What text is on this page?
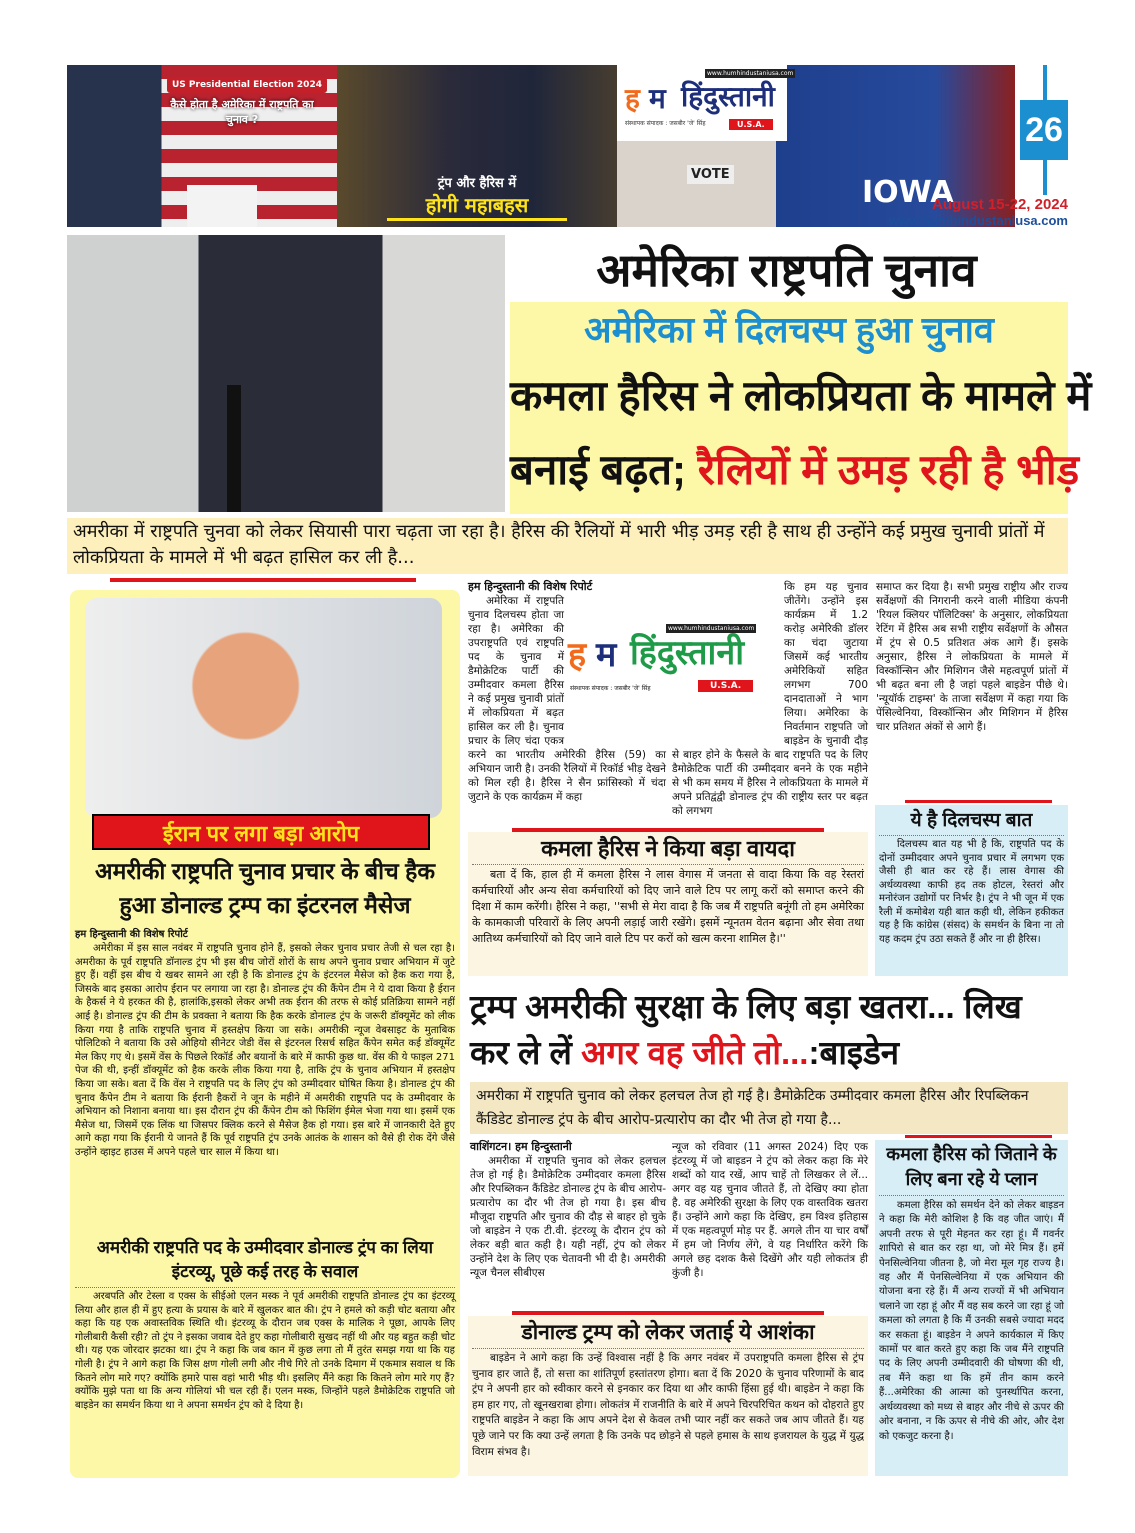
US Presidential Election 2024
कैसे होता है अमेरिका में राष्ट्रपति का चुनाव ?
ट्रंप और हैरिस में
होगी महाबहस
www.humhindustaniusa.com
ह म हिंदुस्तानी
संस्थापक संपादक : जसबीर 'जे' सिंह	U.S.A.
VOTE
IOWA
26
August 15-22, 2024
www.humhindustaniusa.com
अमेरिका राष्ट्रपति चुनाव
अमेरिका में दिलचस्प हुआ चुनाव
कमला हैरिस ने लोकप्रियता के मामले में
बनाई बढ़त; रैलियों में उमड़ रही है भीड़
अमरीका में राष्ट्रपति चुनवा को लेकर सियासी पारा चढ़ता जा रहा है। हैरिस की रैलियों में भारी भीड़ उमड़ रही है साथ ही उन्होंने कई प्रमुख चुनावी प्रांतों में लोकप्रियता के मामले में भी बढ़त हासिल कर ली है...
हम हिन्दुस्तानी की विशेष रिपोर्ट

अमेरिका में राष्ट्रपति चुनाव दिलचस्प होता जा रहा है। अमेरिका की उपराष्ट्रपति एवं राष्ट्रपति पद के चुनाव में डैमोक्रेटिक पार्टी की उम्मीदवार कमला हैरिस ने कई प्रमुख चुनावी प्रांतों में लोकप्रियता में बढ़त हासिल कर ली है। चुनाव प्रचार के लिए चंदा एकत्र करने का भारतीय अमेरिकी हैरिस (59) का अभियान जारी है। उनकी रैलियों में रिकॉर्ड भीड़ देखने को मिल रही है। हैरिस ने सैन फ्रांसिस्को में चंदा जुटाने के एक कार्यक्रम में कहा

कि हम यह चुनाव जीतेंगे। उन्होंने इस कार्यक्रम में 1.2 करोड़ अमेरिकी डॉलर का चंदा जुटाया जिसमें कई भारतीय अमेरिकियों सहित लगभग 700 दानदाताओं ने भाग लिया। अमेरिका के निवर्तमान राष्ट्रपति जो बाइडेन के चुनावी दौड़ से बाहर होने के फैसले के बाद राष्ट्रपति पद के लिए डैमोक्रेटिक पार्टी की उम्मीदवार बनने के एक महीने से भी कम समय में हैरिस ने लोकप्रियता के मामले में अपने प्रतिद्वंद्वी डोनाल्ड ट्रंप की राष्ट्रीय स्तर पर बढ़त को लगभग

www.humhindustaniusa.com
ह म हिंदुस्तानी
संस्थापक संपादक : जसबीर 'जे' सिंह	U.S.A.

समाप्त कर दिया है। सभी प्रमुख राष्ट्रीय और राज्य सर्वेक्षणों की निगरानी करने वाली मीडिया कंपनी 'रियल क्लियर पॉलिटिक्स' के अनुसार, लोकप्रियता रेटिंग में हैरिस अब सभी राष्ट्रीय सर्वेक्षणों के औसत में ट्रंप से 0.5 प्रतिशत अंक आगे हैं। इसके अनुसार, हैरिस ने लोकप्रियता के मामले में विस्कॉन्सिन और मिशिगन जैसे महत्वपूर्ण प्रांतों में भी बढ़त बना ली है जहां पहले बाइडेन पीछे थे। 'न्यूयॉर्क टाइम्स' के ताजा सर्वेक्षण में कहा गया कि पेंसिल्वेनिया, विस्कॉन्सिन और मिशिगन में हैरिस चार प्रतिशत अंकों से आगे हैं।

कमला हैरिस ने किया बड़ा वायदा

बता दें कि, हाल ही में कमला हैरिस ने लास वेगास में जनता से वादा किया कि वह रेस्तरां कर्मचारियों और अन्य सेवा कर्मचारियों को दिए जाने वाले टिप पर लागू करों को समाप्त करने की दिशा में काम करेंगी। हैरिस ने कहा, ''सभी से मेरा वादा है कि जब मैं राष्ट्रपति बनूंगी तो हम अमेरिका के कामकाजी परिवारों के लिए अपनी लड़ाई जारी रखेंगे। इसमें न्यूनतम वेतन बढ़ाना और सेवा तथा आतिथ्य कर्मचारियों को दिए जाने वाले टिप पर करों को खत्म करना शामिल है।''

ये है दिलचस्प बात

दिलचस्प बात यह भी है कि, राष्ट्रपति पद के दोनों उम्मीदवार अपने चुनाव प्रचार में लगभग एक जैसी ही बात कर रहे हैं। लास वेगास की अर्थव्यवस्था काफी हद तक होटल, रेस्तरां और मनोरंजन उद्योगों पर निर्भर है। ट्रंप ने भी जून में एक रैली में कमोबेश यही बात कही थी, लेकिन हकीकत यह है कि कांग्रेस (संसद) के समर्थन के बिना ना तो यह कदम ट्रंप उठा सकते हैं और ना ही हैरिस।

ईरान पर लगा बड़ा आरोप
अमरीकी राष्ट्रपति चुनाव प्रचार के बीच हैक हुआ डोनाल्ड ट्रम्प का इंटरनल मैसेज
हम हिन्दुस्तानी की विशेष रिपोर्ट

अमेरीका में इस साल नवंबर में राष्ट्रपति चुनाव होने हैं, इसको लेकर चुनाव प्रचार तेजी से चल रहा है। अमरीका के पूर्व राष्ट्रपति डॉनाल्ड ट्रंप भी इस बीच जोरों शोरों के साथ अपने चुनाव प्रचार अभियान में जुटे हुए हैं। वहीं इस बीच ये खबर सामने आ रही है कि डोनाल्ड ट्रंप के इंटरनल मैसेज को हैक करा गया है, जिसके बाद इसका आरोप ईरान पर लगाया जा रहा है। डोनाल्ड ट्रंप की कैंपेन टीम ने ये दावा किया है ईरान के हैकर्स ने ये हरकत की है, हालांकि,इसको लेकर अभी तक ईरान की तरफ से कोई प्रतिक्रिया सामने नहीं आई है। डोनाल्ड ट्रंप की टीम के प्रवक्ता ने बताया कि हैक करके डोनाल्ड ट्रंप के जरूरी डॉक्यूमेंट को लीक किया गया है ताकि राष्ट्रपति चुनाव में हस्तक्षेप किया जा सके। अमरीकी न्यूज वेबसाइट के मुताबिक पोलिटिको ने बताया कि उसे ओहियो सीनेटर जेडी वेंस से इंटरनल रिसर्च सहित कैंपेन समेत कई डॉक्यूमेंट मेल किए गए थे। इसमें वेंस के पिछले रिकॉर्ड और बयानों के बारे में काफी कुछ था. वेंस की ये फाइल 271 पेज की थी, इन्हीं डॉक्यूमेंट को हैक करके लीक किया गया है, ताकि ट्रंप के चुनाव अभियान में हस्तक्षेप किया जा सके। बता दें कि वेंस ने राष्ट्रपति पद के लिए ट्रंप को उम्मीदवार घोषित किया है। डोनाल्ड ट्रंप की चुनाव कैंपेन टीम ने बताया कि ईरानी हैकरों ने जून के महीने में अमरीकी राष्ट्रपति पद के उम्मीदवार के अभियान को निशाना बनाया था। इस दौरान ट्रंप की कैंपेन टीम को फिशिंग ईमेल भेजा गया था। इसमें एक मैसेज था, जिसमें एक लिंक था जिसपर क्लिक करने से मैसेज हैक हो गया। इस बारे में जानकारी देते हुए आगे कहा गया कि ईरानी ये जानते हैं कि पूर्व राष्ट्रपति ट्रंप उनके आतंक के शासन को वैसे ही रोक देंगे जैसे उन्होंने व्हाइट हाउस में अपने पहले चार साल में किया था।

अमरीकी राष्ट्रपति पद के उम्मीदवार डोनाल्ड ट्रंप का लिया इंटरव्यू, पूछे कई तरह के सवाल

अरबपति और टेस्ला व एक्स के सीईओ एलन मस्क ने पूर्व अमरीकी राष्ट्रपति डोनाल्ड ट्रंप का इंटरव्यू लिया और हाल ही में हुए हत्या के प्रयास के बारे में खुलकर बात की। ट्रंप ने हमले को कड़ी चोट बताया और कहा कि यह एक अवास्तविक स्थिति थी। इंटरव्यू के दौरान जब एक्स के मालिक ने पूछा, आपके लिए गोलीबारी कैसी रही? तो ट्रंप ने इसका जवाब देते हुए कहा गोलीबारी सुखद नहीं थी और यह बहुत कड़ी चोट थी। यह एक जोरदार झटका था। ट्रंप ने कहा कि जब कान में कुछ लगा तो मैं तुरंत समझ गया था कि यह गोली है। ट्रंप ने आगे कहा कि जिस क्षण गोली लगी और नीचे गिरे तो उनके दिमाग में एकमात्र सवाल थ कि कितने लोग मारे गए? क्योंकि हमारे पास वहां भारी भीड़ थी। इसलिए मैंने कहा कि कितने लोग मारे गए हैं? क्योंकि मुझे पता था कि अन्य गोलियां भी चल रही हैं। एलन मस्क, जिन्होंने पहले डैमोक्रेटिक राष्ट्रपति जो बाइडेन का समर्थन किया था ने अपना समर्थन ट्रंप को दे दिया है।

ट्रम्प अमरीकी सुरक्षा के लिए बड़ा खतरा... लिख
कर ले लें अगर वह जीते तो...:बाइडेन
अमरीका में राष्ट्रपति चुनाव को लेकर हलचल तेज हो गई है। डैमोक्रेटिक उम्मीदवार कमला हैरिस और रिपब्लिकन कैंडिडेट डोनाल्ड ट्रंप के बीच आरोप-प्रत्यारोप का दौर भी तेज हो गया है...
वाशिंगटन। हम हिन्दुस्तानी

अमरीका में राष्ट्रपति चुनाव को लेकर हलचल तेज हो गई है। डैमोक्रेटिक उम्मीदवार कमला हैरिस और रिपब्लिकन कैंडिडेट डोनाल्ड ट्रंप के बीच आरोप-प्रत्यारोप का दौर भी तेज हो गया है। इस बीच मौजूदा राष्ट्रपति और चुनाव की दौड़ से बाहर हो चुके जो बाइडेन ने एक टी.वी. इंटरव्यू के दौरान ट्रंप को लेकर बड़ी बात कही है। यही नहीं, ट्रंप को लेकर उन्होंने देश के लिए एक चेतावनी भी दी है। अमरीकी न्यूज चैनल सीबीएस

न्यूज को रविवार (11 अगस्त 2024) दिए एक इंटरव्यू में जो बाइडन ने ट्रंप को लेकर कहा कि मेरे शब्दों को याद रखें, आप चाहें तो लिखकर ले लें... अगर वह यह चुनाव जीतते हैं, तो देखिए क्या होता है. वह अमेरिकी सुरक्षा के लिए एक वास्तविक खतरा हैं। उन्होंने आगे कहा कि देखिए, हम विश्व इतिहास में एक महत्वपूर्ण मोड़ पर हैं. अगले तीन या चार वर्षों में हम जो निर्णय लेंगे, वे यह निर्धारित करेंगे कि अगले छह दशक कैसे दिखेंगे और यही लोकतंत्र ही कुंजी है।

डोनाल्ड ट्रम्प को लेकर जताई ये आशंका

बाइडेन ने आगे कहा कि उन्हें विश्वास नहीं है कि अगर नवंबर में उपराष्ट्रपति कमला हैरिस से ट्रंप चुनाव हार जाते हैं, तो सत्ता का शांतिपूर्ण हस्तांतरण होगा। बता दें कि 2020 के चुनाव परिणामों के बाद ट्रंप ने अपनी हार को स्वीकार करने से इनकार कर दिया था और काफी हिंसा हुई थी। बाइडेन ने कहा कि हम हार गए, तो खूनखराबा होगा। लोकतंत्र में राजनीति के बारे में अपने चिरपरिचित कथन को दोहराते हुए राष्ट्रपति बाइडेन ने कहा कि आप अपने देश से केवल तभी प्यार नहीं कर सकते जब आप जीतते हैं। यह पूछे जाने पर कि क्या उन्हें लगता है कि उनके पद छोड़ने से पहले हमास के साथ इजरायल के युद्ध में युद्ध विराम संभव है।

कमला हैरिस को जिताने के लिए बना रहे ये प्लान

कमला हैरिस को समर्थन देने को लेकर बाइडन ने कहा कि मेरी कोशिश है कि वह जीत जाएं। मैं अपनी तरफ से पूरी मेहनत कर रहा हूं। मैं गवर्नर शापिरो से बात कर रहा था, जो मेरे मित्र हैं। हमें पेनसिल्वेनिया जीतना है, जो मेरा मूल गृह राज्य है। वह और मैं पेनसिल्वेनिया में एक अभियान की योजना बना रहे हैं। मैं अन्य राज्यों में भी अभियान चलाने जा रहा हूं और मैं वह सब करने जा रहा हूं जो कमला को लगता है कि मैं उनकी सबसे ज्यादा मदद कर सकता हूं। बाइडेन ने अपने कार्यकाल में किए कामों पर बात करते हुए कहा कि जब मैंने राष्ट्रपति पद के लिए अपनी उम्मीदवारी की घोषणा की थी, तब मैंने कहा था कि हमें तीन काम करने हैं...अमेरिका की आत्मा को पुनर्स्थापित करना, अर्थव्यवस्था को मध्य से बाहर और नीचे से ऊपर की ओर बनाना, न कि ऊपर से नीचे की ओर, और देश को एकजुट करना है।
